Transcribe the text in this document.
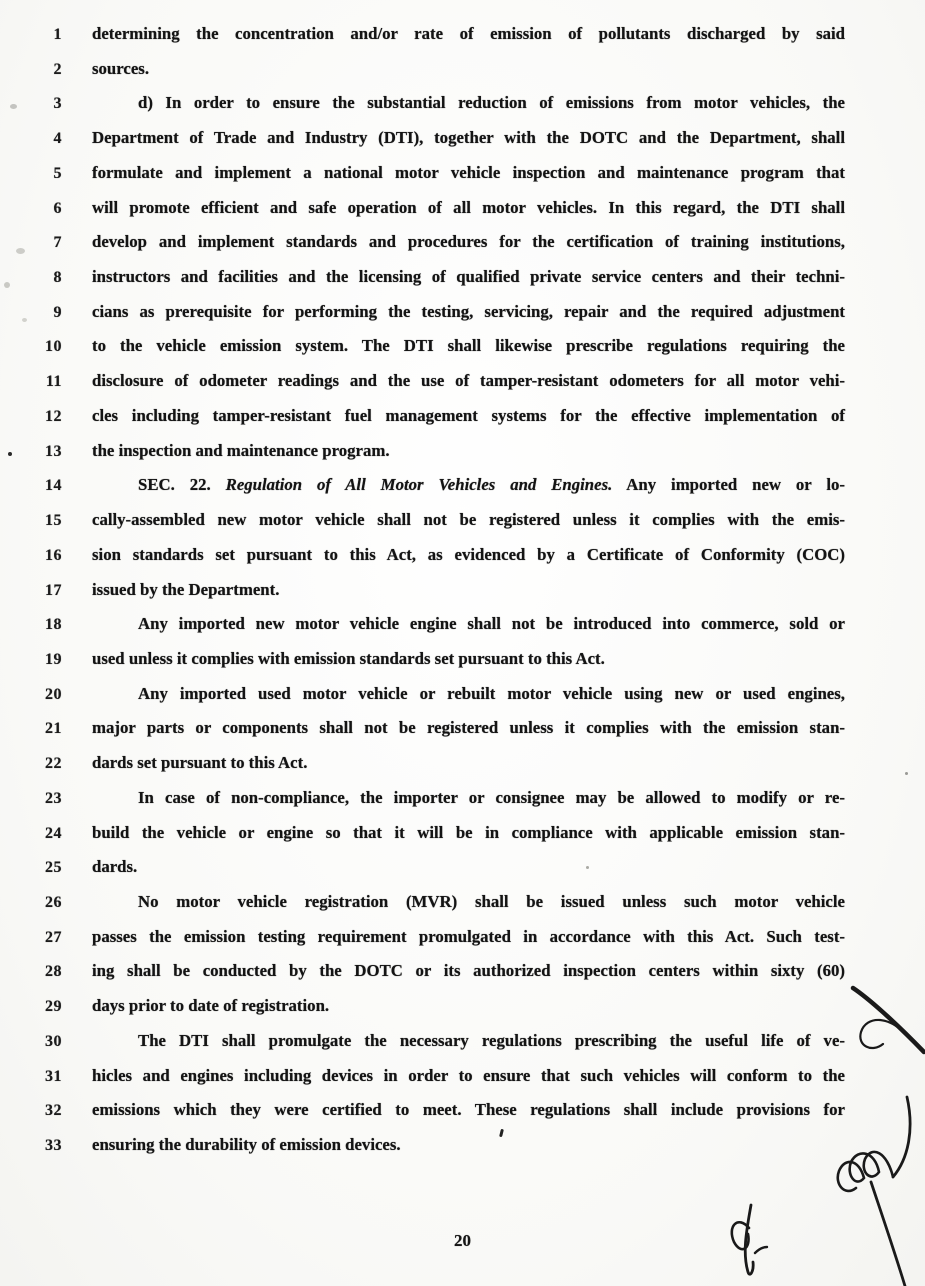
1 determining the concentration and/or rate of emission of pollutants discharged by said
2 sources.
3	d) In order to ensure the substantial reduction of emissions from motor vehicles, the
4 Department of Trade and Industry (DTI), together with the DOTC and the Department, shall
5 formulate and implement a national motor vehicle inspection and maintenance program that
6 will promote efficient and safe operation of all motor vehicles. In this regard, the DTI shall
7 develop and implement standards and procedures for the certification of training institutions,
8 instructors and facilities and the licensing of qualified private service centers and their techni-
9 cians as prerequisite for performing the testing, servicing, repair and the required adjustment
10 to the vehicle emission system. The DTI shall likewise prescribe regulations requiring the
11 disclosure of odometer readings and the use of tamper-resistant odometers for all motor vehi-
12 cles including tamper-resistant fuel management systems for the effective implementation of
13 the inspection and maintenance program.
14	SEC. 22. Regulation of All Motor Vehicles and Engines. Any imported new or lo-
15 cally-assembled new motor vehicle shall not be registered unless it complies with the emis-
16 sion standards set pursuant to this Act, as evidenced by a Certificate of Conformity (COC)
17 issued by the Department.
18	Any imported new motor vehicle engine shall not be introduced into commerce, sold or
19 used unless it complies with emission standards set pursuant to this Act.
20	Any imported used motor vehicle or rebuilt motor vehicle using new or used engines,
21 major parts or components shall not be registered unless it complies with the emission stan-
22 dards set pursuant to this Act.
23	In case of non-compliance, the importer or consignee may be allowed to modify or re-
24 build the vehicle or engine so that it will be in compliance with applicable emission stan-
25 dards.
26	No motor vehicle registration (MVR) shall be issued unless such motor vehicle
27 passes the emission testing requirement promulgated in accordance with this Act. Such test-
28 ing shall be conducted by the DOTC or its authorized inspection centers within sixty (60)
29 days prior to date of registration.
30	The DTI shall promulgate the necessary regulations prescribing the useful life of ve-
31 hicles and engines including devices in order to ensure that such vehicles will conform to the
32 emissions which they were certified to meet. These regulations shall include provisions for
33 ensuring the durability of emission devices.
20
